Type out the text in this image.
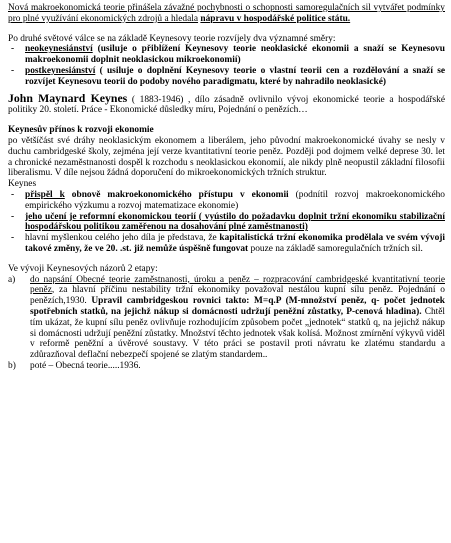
Nová makroekonomická teorie přinášela závažné pochybnosti o schopnosti samoregulačních sil vytvářet podmínky pro plné využívání ekonomických zdrojů a hledala nápravu v hospodářské politice státu.

Po druhé světové válce se na základě Keynesovy teorie rozvíjely dva významné směry:

- neokeynesiánství (usiluje o přiblížení Keynesovy teorie neoklasické ekonomii a snaží se Keynesovu makroekonomii doplnit neoklasickou mikroekonomií)
- postkeynesiánství ( usiluje o doplnění Keynesovy teorie o vlastní teorii cen a rozdělování a snaží se rozvíjet Keynesovu teorii do podoby nového paradigmatu, které by nahradilo neoklasické)

John Maynard Keynes ( 1883-1946) , dílo zásadně ovlivnilo vývoj ekonomické teorie a hospodářské politiky 20. století. Práce - Ekonomické důsledky míru, Pojednání o penězích…

Keynesův přínos k rozvoji ekonomie

po většíčást své dráhy neoklasickým ekonomem a liberálem, jeho původní makroekonomické úvahy se nesly v duchu cambridgeské školy, zejména její verze kvantitativní teorie peněz. Později pod dojmem velké deprese 30. let a chronické nezaměstnanosti dospěl k rozchodu s neoklasickou ekonomií, ale nikdy plně neopustil základní filosofii liberalismu. V díle nejsou žádná doporučení do mikroekonomických tržních struktur.

Keynes

- přispěl k obnově makroekonomického přístupu v ekonomii (podnítil rozvoj makroekonomického empirického výzkumu a rozvoj matematizace ekonomie)
- jeho učení je reformní ekonomickou teorií ( vyústilo do požadavku doplnit tržní ekonomiku stabilizační hospodářskou politikou zaměřenou na dosahování plné zaměstnanosti)
- hlavní myšlenkou celého jeho díla je představa, že kapitalistická tržní ekonomika prodělala ve svém vývoji takové změny, že ve 20. .st. již nemůže úspěšně fungovat pouze na základě samoregulačních tržních sil.

Ve vývoji Keynesových názorů 2 etapy:

a) do napsání Obecné teorie zaměstnanosti, úroku a peněz – rozpracování cambridgeské kvantitativní teorie peněz, za hlavní příčinu nestability tržní ekonomiky považoval nestálou kupní sílu peněz. Pojednání o penězích,1930. Upravil cambridgeskou rovnici takto: M=q.P (M-množství peněz, q- počet jednotek spotřebních statků, na jejichž nákup si domácnosti udržují peněžní zůstatky, P-cenová hladina). Chtěl tím ukázat, že kupní sílu peněz ovlivňuje rozhodujícím způsobem počet „jednotek“ statků q, na jejichž nákup si domácnosti udržují peněžní zůstatky. Množství těchto jednotek však kolísá. Možnost zmírnění výkyvů viděl v reformě peněžní a úvěrové soustavy. V této práci se postavil proti návratu ke zlatému standardu a zdůrazňoval deflační nebezpečí spojené se zlatým standardem..
b) poté – Obecná teorie.....1936.
